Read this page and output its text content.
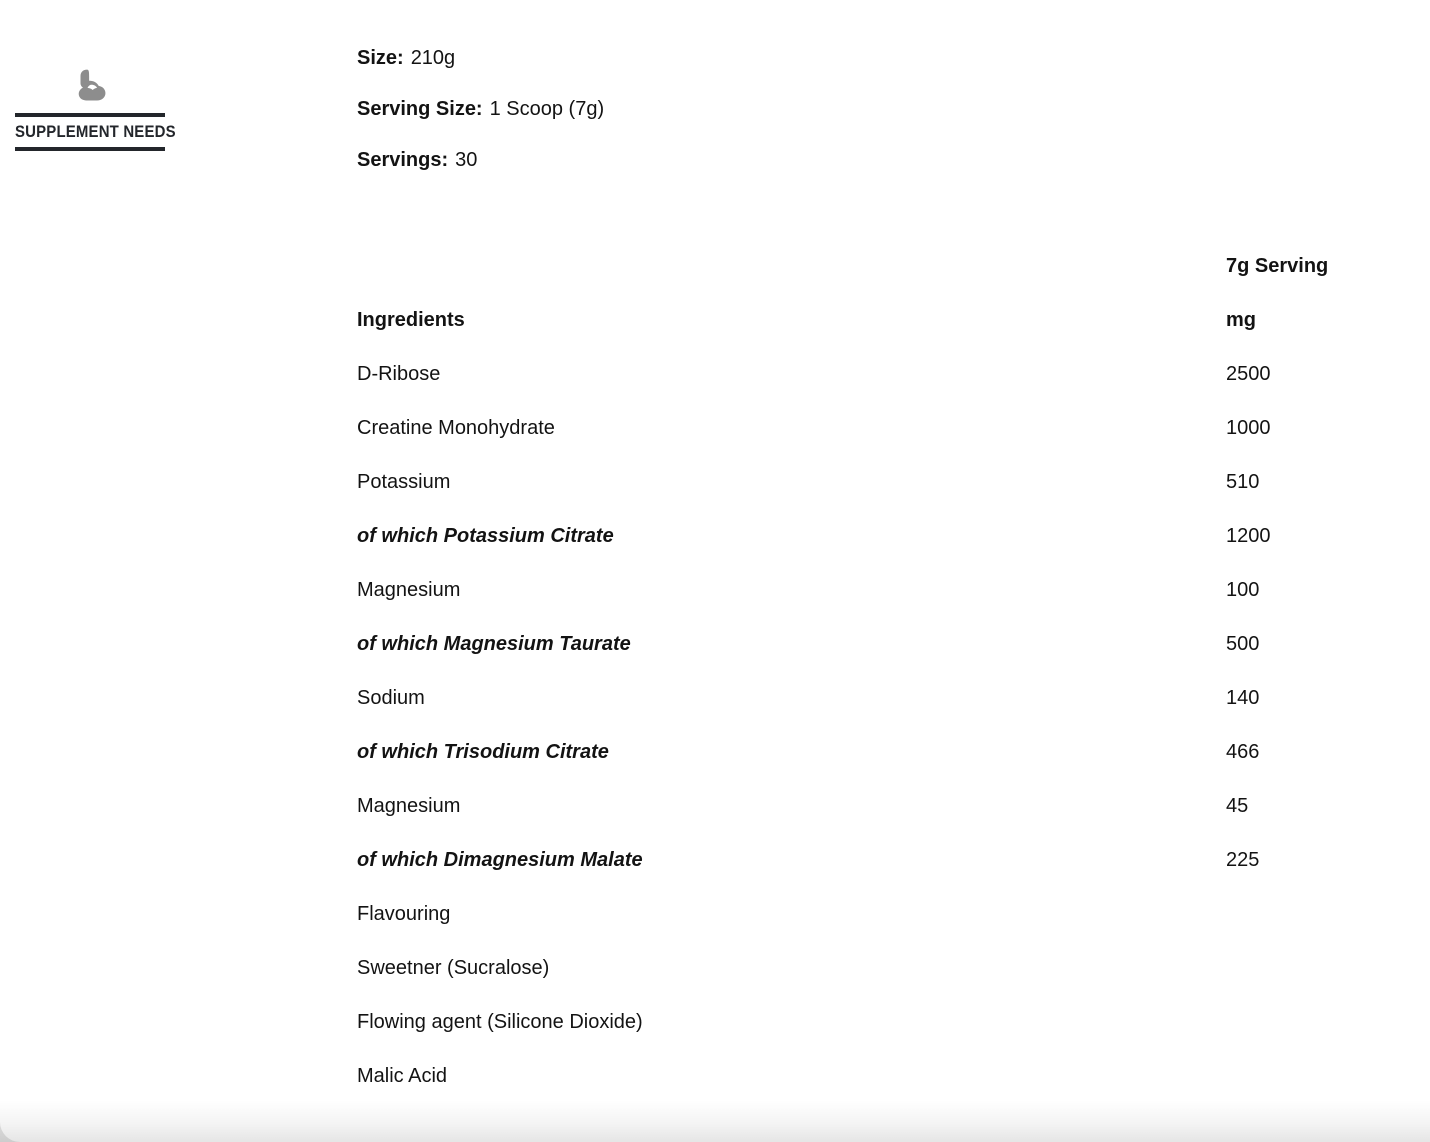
SUPPLEMENT NEEDS
Size: 210g
Serving Size: 1 Scoop (7g)
Servings: 30
7g Serving
Ingredients	mg
D-Ribose	2500
Creatine Monohydrate	1000
Potassium	510
of which Potassium Citrate	1200
Magnesium	100
of which Magnesium Taurate	500
Sodium	140
of which Trisodium Citrate	466
Magnesium	45
of which Dimagnesium Malate	225
Flavouring
Sweetner (Sucralose)
Flowing agent (Silicone Dioxide)
Malic Acid
